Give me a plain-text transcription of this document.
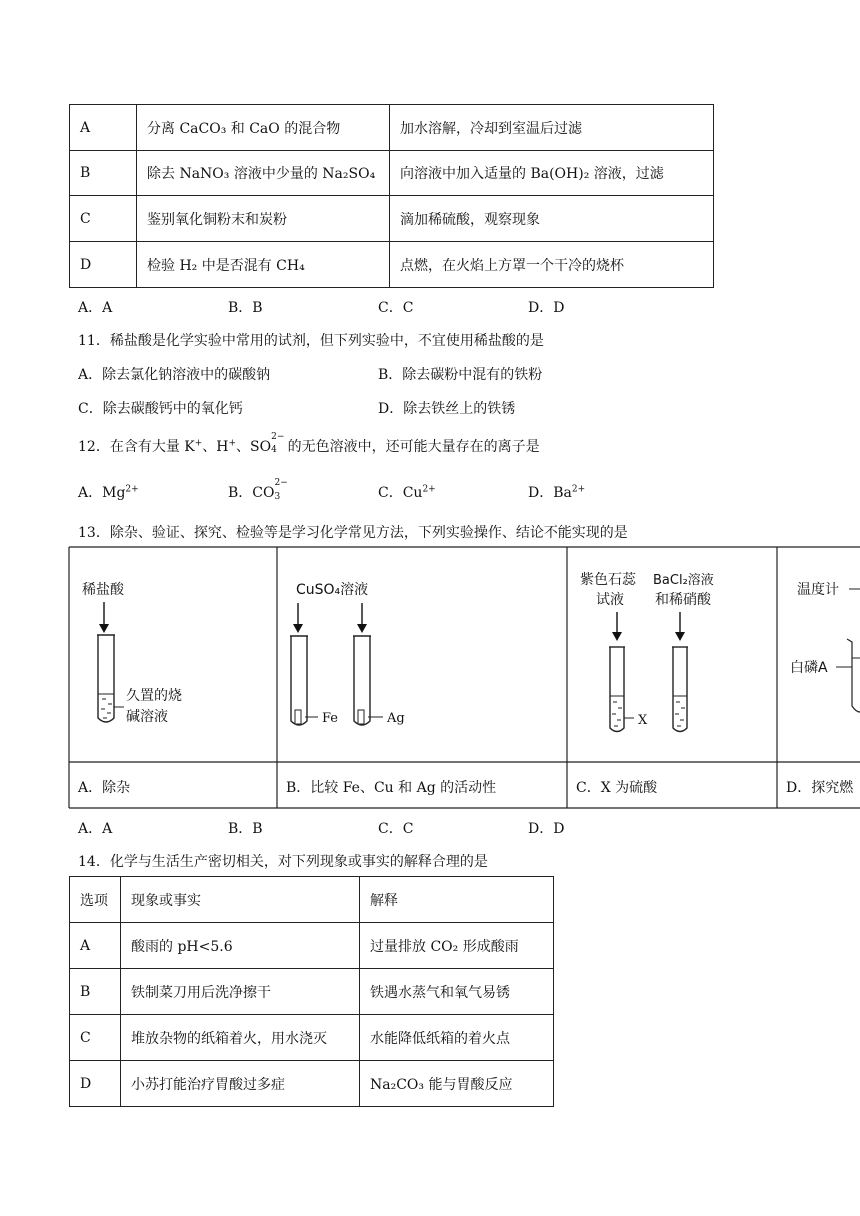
A	分离 CaCO₃ 和 CaO 的混合物	加水溶解，冷却到室温后过滤
B	除去 NaNO₃ 溶液中少量的 Na₂SO₄	向溶液中加入适量的 Ba(OH)₂ 溶液，过滤
C	鉴别氧化铜粉末和炭粉	滴加稀硫酸，观察现象
D	检验 H₂ 中是否混有 CH₄	点燃，在火焰上方罩一个干冷的烧杯
A．A	B．B	C．C	D．D
11．稀盐酸是化学实验中常用的试剂，但下列实验中，不宜使用稀盐酸的是
A．除去氯化钠溶液中的碳酸钠	B．除去碳粉中混有的铁粉
C．除去碳酸钙中的氧化钙	D．除去铁丝上的铁锈
12．在含有大量 K+、H+、SO
2−
4 的无色溶液中，还可能大量存在的离子是
A．$Mg^{2+}$	B．CO
2−
3	C．$Cu^{2+}$	D．$Ba^{2+}$
13．除杂、验证、探究、检验等是学习化学常见方法，下列实验操作、结论不能实现的是
稀盐酸
久置的烧
碱溶液
CuSO₄溶液
Fe	Ag
紫色石蕊
试液
BaCl₂溶液
和稀硝酸
X
温度计
白磷A
A．除杂	B．比较 Fe、Cu 和 Ag 的活动性	C．X 为硫酸	D．探究燃
A．A	B．B	C．C	D．D
14．化学与生活生产密切相关，对下列现象或事实的解释合理的是
选项	现象或事实	解释
A	酸雨的 pH<5.6	过量排放 CO₂ 形成酸雨
B	铁制菜刀用后洗净擦干	铁遇水蒸气和氧气易锈
C	堆放杂物的纸箱着火，用水浇灭	水能降低纸箱的着火点
D	小苏打能治疗胃酸过多症	Na₂CO₃ 能与胃酸反应
